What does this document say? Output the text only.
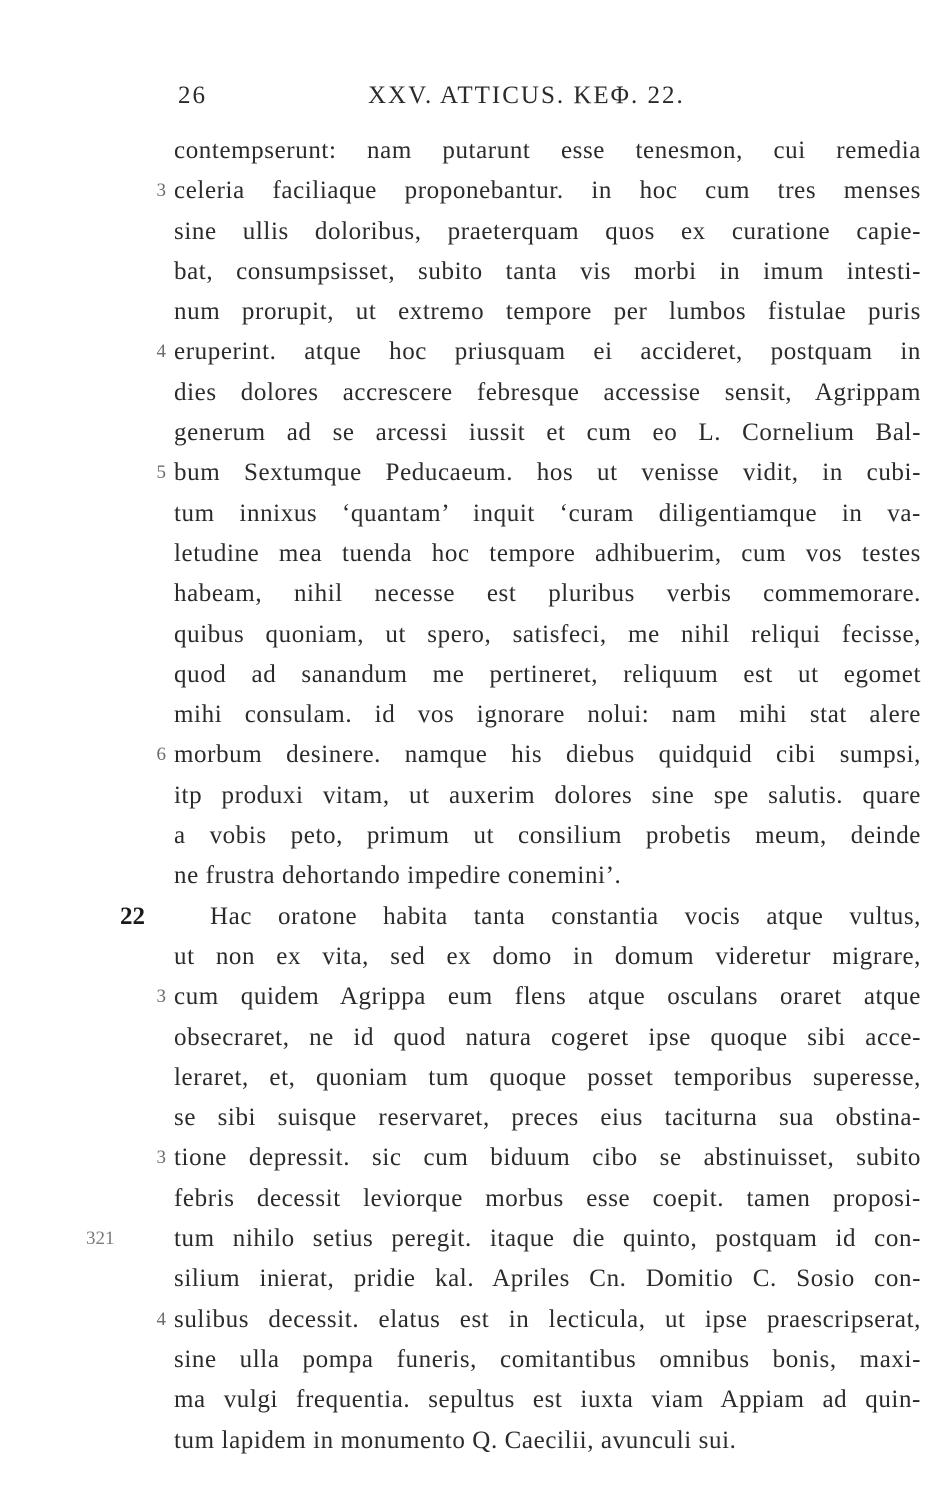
26	XXV. ATTICUS. ΚΕΦ. 22.
contempserunt: nam putarunt esse tenesmon, cui remedia
3 celeria faciliaque proponebantur. in hoc cum tres menses
sine ullis doloribus, praeterquam quos ex curatione capie-
bat, consumpsisset, subito tanta vis morbi in imum intesti-
num prorupit, ut extremo tempore per lumbos fistulae puris
4 eruperint. atque hoc priusquam ei accideret, postquam in
dies dolores accrescere febresque accessise sensit, Agrippam
generum ad se arcessi iussit et cum eo L. Cornelium Bal-
5 bum Sextumque Peducaeum. hos ut venisse vidit, in cubi-
tum innixus ‘quantam’ inquit ‘curam diligentiamque in va-
letudine mea tuenda hoc tempore adhibuerim, cum vos testes
habeam, nihil necesse est pluribus verbis commemorare.
quibus quoniam, ut spero, satisfeci, me nihil reliqui fecisse,
quod ad sanandum me pertineret, reliquum est ut egomet
mihi consulam. id vos ignorare nolui: nam mihi stat alere
6 morbum desinere. namque his diebus quidquid cibi sumpsi,
itp produxi vitam, ut auxerim dolores sine spe salutis. quare
a vobis peto, primum ut consilium probetis meum, deinde
ne frustra dehortando impedire conemini’.
22	Hac oratone habita tanta constantia vocis atque vultus,
ut non ex vita, sed ex domo in domum videretur migrare,
3 cum quidem Agrippa eum flens atque osculans oraret atque
obsecraret, ne id quod natura cogeret ipse quoque sibi acce-
leraret, et, quoniam tum quoque posset temporibus superesse,
se sibi suisque reservaret, preces eius taciturna sua obstina-
3 tione depressit. sic cum biduum cibo se abstinuisset, subito
febris decessit leviorque morbus esse coepit. tamen proposi-
321 tum nihilo setius peregit. itaque die quinto, postquam id con-
silium inierat, pridie kal. Apriles Cn. Domitio C. Sosio con-
4 sulibus decessit. elatus est in lecticula, ut ipse praescripserat,
sine ulla pompa funeris, comitantibus omnibus bonis, maxi-
ma vulgi frequentia. sepultus est iuxta viam Appiam ad quin-
tum lapidem in monumento Q. Caecilii, avunculi sui.
